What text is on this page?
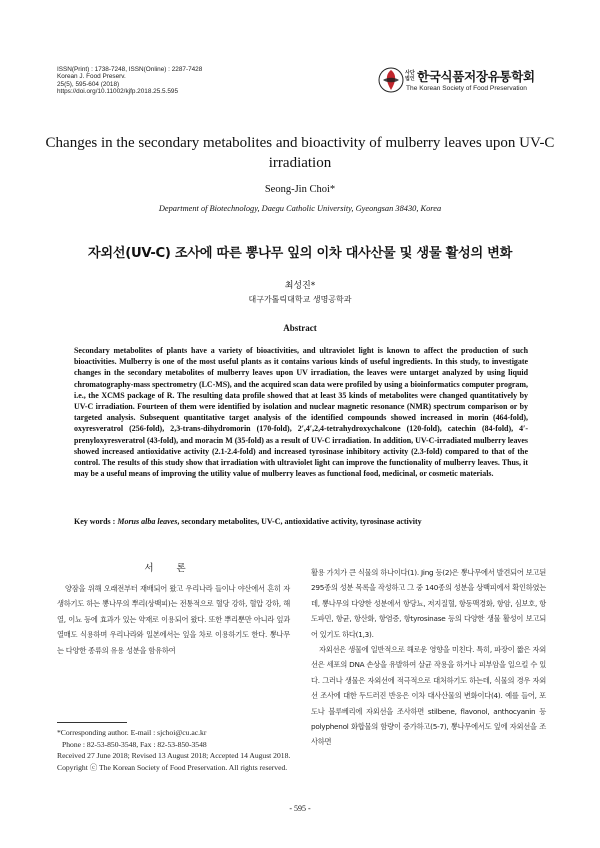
ISSN(Print) : 1738-7248, ISSN(Online) : 2287-7428
Korean J. Food Preserv.
25(5), 595-604 (2018)
https://doi.org/10.11002/kjfp.2018.25.5.595
사단
법인 한국식품저장유통학회
The Korean Society of Food Preservation
Changes in the secondary metabolites and bioactivity of mulberry leaves upon UV-C irradiation
Seong-Jin Choi*
Department of Biotechnology, Daegu Catholic University, Gyeongsan 38430, Korea
자외선(UV-C) 조사에 따른 뽕나무 잎의 이차 대사산물 및 생물 활성의 변화
최성진*
대구가톨릭대학교 생명공학과
Abstract
Secondary metabolites of plants have a variety of bioactivities, and ultraviolet light is known to affect the production of such bioactivities. Mulberry is one of the most useful plants as it contains various kinds of useful ingredients. In this study, to investigate changes in the secondary metabolites of mulberry leaves upon UV irradiation, the leaves were untarget analyzed by using liquid chromatography-mass spectrometry (LC-MS), and the acquired scan data were profiled by using a bioinformatics computer program, i.e., the XCMS package of R. The resulting data profile showed that at least 35 kinds of metabolites were changed quantitatively by UV-C irradiation. Fourteen of them were identified by isolation and nuclear magnetic resonance (NMR) spectrum comparison or by targeted analysis. Subsequent quantitative target analysis of the identified compounds showed increased in morin (464-fold), oxyresveratrol (256-fold), 2,3-trans-dihydromorin (170-fold), 2′,4′,2,4-tetrahydroxychalcone (120-fold), catechin (84-fold), 4′-prenyloxyresveratrol (43-fold), and moracin M (35-fold) as a result of UV-C irradiation. In addition, UV-C-irradiated mulberry leaves showed increased antioxidative activity (2.1-2.4-fold) and increased tyrosinase inhibitory activity (2.3-fold) compared to that of the control. The results of this study show that irradiation with ultraviolet light can improve the functionality of mulberry leaves. Thus, it may be a useful means of improving the utility value of mulberry leaves as functional food, medicinal, or cosmetic materials.
Key words : Morus alba leaves, secondary metabolites, UV-C, antioxidative activity, tyrosinase activity
서 론

양잠을 위해 오래전부터 재배되어 왔고 우리나라 들이나 야산에서 흔히 자생하기도 하는 뽕나무의 뿌리(상백피)는 전통적으로 혈당 강하, 혈압 강하, 해열, 이뇨 등에 효과가 있는 약재로 이용되어 왔다. 또한 뿌리뿐만 아니라 잎과 열매도 식용하며 우리나라와 일본에서는 잎을 차로 이용하기도 한다. 뽕나무는 다양한 종류의 유용 성분을 함유하여

활용 가치가 큰 식물의 하나이다(1). Jing 등(2)은 뽕나무에서 발견되어 보고된 295종의 성분 목록을 작성하고 그 중 140종의 성분을 상백피에서 확인하였는데, 뽕나무의 다양한 성분에서 항당뇨, 저지질혈, 항동맥경화, 항암, 심보호, 항도파민, 항균, 항산화, 항염증, 항tyrosinase 등의 다양한 생물 활성이 보고되어 있기도 하다(1,3).

자외선은 생물에 일반적으로 해로운 영향을 미친다. 특히, 파장이 짧은 자외선은 세포의 DNA 손상을 유발하여 살균 작용을 하거나 피부암을 일으킬 수 있다. 그러나 생물은 자외선에 적극적으로 대처하기도 하는데, 식물의 경우 자외선 조사에 대한 두드러진 반응은 이차 대사산물의 변화이다(4). 예를 들어, 포도나 블루베리에 자외선을 조사하면 stilbene, flavonol, anthocyanin 등 polyphenol 화합물의 함량이 증가하고(5-7), 뽕나무에서도 잎에 자외선을 조사하면

*Corresponding author. E-mail : sjchoi@cu.ac.kr

Phone : 82-53-850-3548, Fax : 82-53-850-3548

Received 27 June 2018; Revised 13 August 2018; Accepted 14 August 2018.

Copyright ⓒ The Korean Society of Food Preservation. All rights reserved.

- 595 -
